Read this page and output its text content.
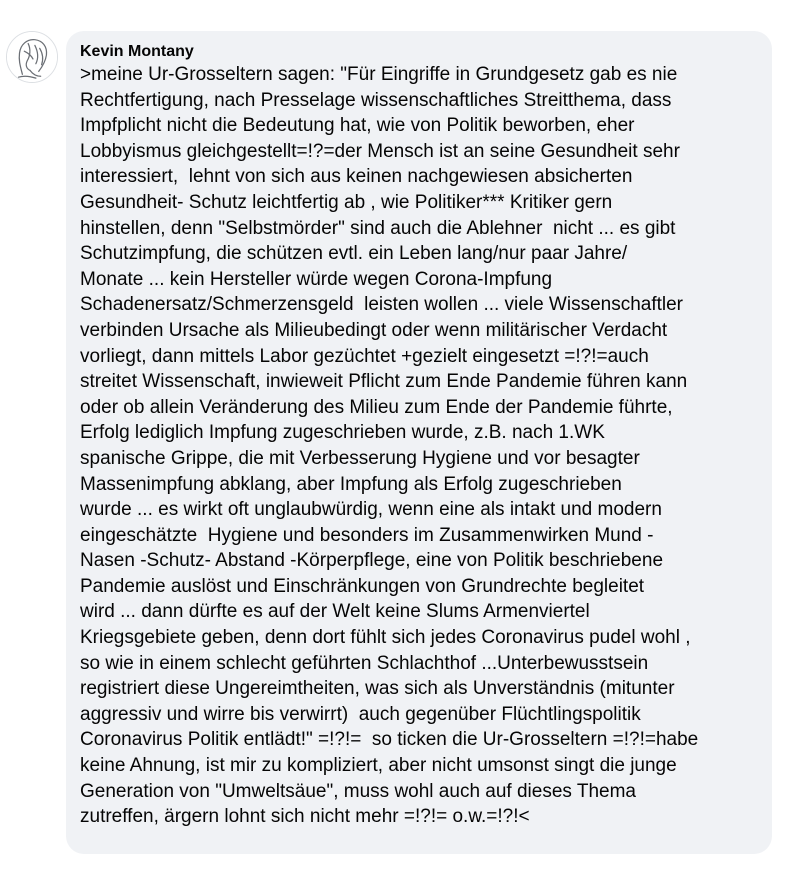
Kevin Montany

>meine Ur-Grosseltern sagen: "Für Eingriffe in Grundgesetz gab es nie
Rechtfertigung, nach Presselage wissenschaftliches Streitthema, dass
Impfplicht nicht die Bedeutung hat, wie von Politik beworben, eher
Lobbyismus gleichgestellt=!?=der Mensch ist an seine Gesundheit sehr
interessiert,  lehnt von sich aus keinen nachgewiesen absicherten
Gesundheit- Schutz leichtfertig ab , wie Politiker*** Kritiker gern
hinstellen, denn "Selbstmörder" sind auch die Ablehner  nicht ... es gibt
Schutzimpfung, die schützen evtl. ein Leben lang/nur paar Jahre/
Monate ... kein Hersteller würde wegen Corona-Impfung
Schadenersatz/Schmerzensgeld  leisten wollen ... viele Wissenschaftler
verbinden Ursache als Milieubedingt oder wenn militärischer Verdacht
vorliegt, dann mittels Labor gezüchtet +gezielt eingesetzt =!?!=auch
streitet Wissenschaft, inwieweit Pflicht zum Ende Pandemie führen kann
oder ob allein Veränderung des Milieu zum Ende der Pandemie führte,
Erfolg lediglich Impfung zugeschrieben wurde, z.B. nach 1.WK
spanische Grippe, die mit Verbesserung Hygiene und vor besagter
Massenimpfung abklang, aber Impfung als Erfolg zugeschrieben
wurde ... es wirkt oft unglaubwürdig, wenn eine als intakt und modern
eingeschätzte  Hygiene und besonders im Zusammenwirken Mund -
Nasen -Schutz- Abstand -Körperpflege, eine von Politik beschriebene
Pandemie auslöst und Einschränkungen von Grundrechte begleitet
wird ... dann dürfte es auf der Welt keine Slums Armenviertel
Kriegsgebiete geben, denn dort fühlt sich jedes Coronavirus pudel wohl ,
so wie in einem schlecht geführten Schlachthof ...Unterbewusstsein
registriert diese Ungereimtheiten, was sich als Unverständnis (mitunter
aggressiv und wirre bis verwirrt)  auch gegenüber Flüchtlingspolitik
Coronavirus Politik entlädt!" =!?!=  so ticken die Ur-Grosseltern =!?!=habe
keine Ahnung, ist mir zu kompliziert, aber nicht umsonst singt die junge
Generation von "Umweltsäue", muss wohl auch auf dieses Thema
zutreffen, ärgern lohnt sich nicht mehr =!?!= o.w.=!?!<
